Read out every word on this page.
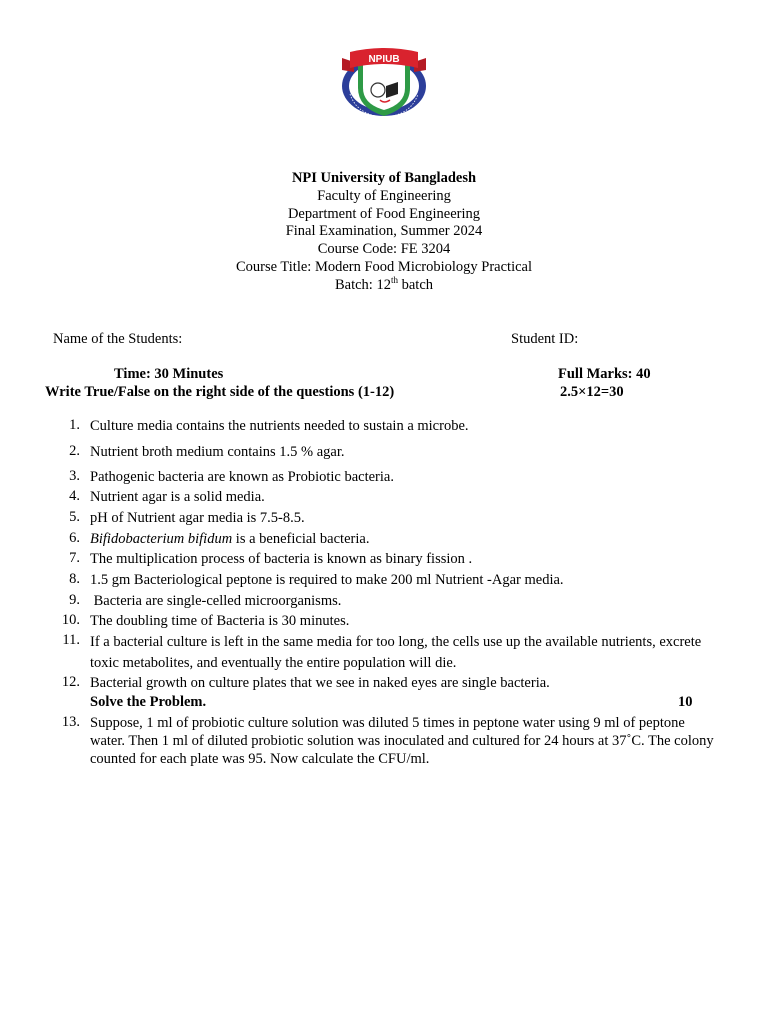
NPIUB
NPI University of Bangladesh
Faculty of Engineering
Department of Food Engineering
Final Examination, Summer 2024
Course Code: FE 3204
Course Title: Modern Food Microbiology Practical
Batch: 12th batch
Name of the Students:	Student ID:
Time: 30 Minutes	Full Marks: 40
Write True/False on the right side of the questions (1-12)	2.5×12=30
1. Culture media contains the nutrients needed to sustain a microbe.
2. Nutrient broth medium contains 1.5 % agar.
3. Pathogenic bacteria are known as Probiotic bacteria.
4. Nutrient agar is a solid media.
5. pH of Nutrient agar media is 7.5-8.5.
6. Bifidobacterium bifidum is a beneficial bacteria.
7. The multiplication process of bacteria is known as binary fission .
8. 1.5 gm Bacteriological peptone is required to make 200 ml Nutrient -Agar media.
9. Bacteria are single-celled microorganisms.
10. The doubling time of Bacteria is 30 minutes.
11. If a bacterial culture is left in the same media for too long, the cells use up the available nutrients, excrete toxic metabolites, and eventually the entire population will die.
12. Bacterial growth on culture plates that we see in naked eyes are single bacteria.
Solve the Problem.	10
13. Suppose, 1 ml of probiotic culture solution was diluted 5 times in peptone water using 9 ml of peptone water. Then 1 ml of diluted probiotic solution was inoculated and cultured for 24 hours at 37˚C. The colony counted for each plate was 95. Now calculate the CFU/ml.
